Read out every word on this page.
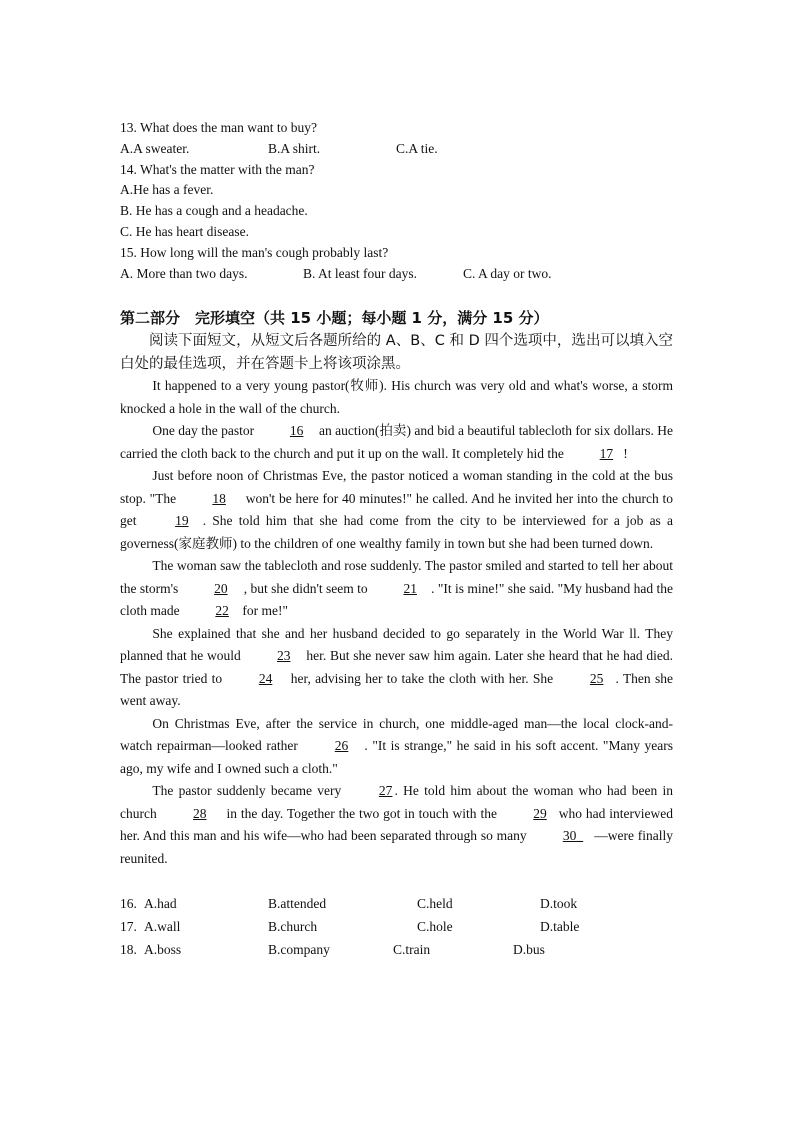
13. What does the man want to buy?
A.A sweater.	B.A shirt.	C.A tie.
14. What's the matter with the man?
A.He has a fever.
B. He has a cough and a headache.
C. He has heart disease.
15. How long will the man's cough probably last?
A. More than two days.	B. At least four days.	C. A day or two.
第二部分　完形填空（共 15 小题；每小题 1 分，满分 15 分）
阅读下面短文，从短文后各题所给的 A、B、C 和 D 四个选项中，选出可以填入空白处的最佳选项，并在答题卡上将该项涂黑。
It happened to a very young pastor(牧师). His church was very old and what's worse, a storm knocked a hole in the wall of the church.
One day the pastor 16 an auction(拍卖) and bid a beautiful tablecloth for six dollars. He carried the cloth back to the church and put it up on the wall. It completely hid the 17 !
Just before noon of Christmas Eve, the pastor noticed a woman standing in the cold at the bus stop. "The 18 won't be here for 40 minutes!" he called. And he invited her into the church to get 19 . She told him that she had come from the city to be interviewed for a job as a governess(家庭教师) to the children of one wealthy family in town but she had been turned down.
The woman saw the tablecloth and rose suddenly. The pastor smiled and started to tell her about the storm's 20 , but she didn't seem to 21 . "It is mine!" she said. "My husband had the cloth made 22 for me!"
She explained that she and her husband decided to go separately in the World War ll. They planned that he would 23 her. But she never saw him again. Later she heard that he had died. The pastor tried to 24 her, advising her to take the cloth with her. She 25 . Then she went away.
On Christmas Eve, after the service in church, one middle-aged man—the local clock-and-watch repairman—looked rather 26 . "It is strange," he said in his soft accent. "Many years ago, my wife and I owned such a cloth."
The pastor suddenly became very 27 . He told him about the woman who had been in church 28 in the day. Together the two got in touch with the 29 who had interviewed her. And this man and his wife—who had been separated through so many 30_ —were finally reunited.
16. A.had	B.attended	C.held	D.took
17. A.wall	B.church	C.hole	D.table
18. A.boss	B.company	C.train	D.bus
